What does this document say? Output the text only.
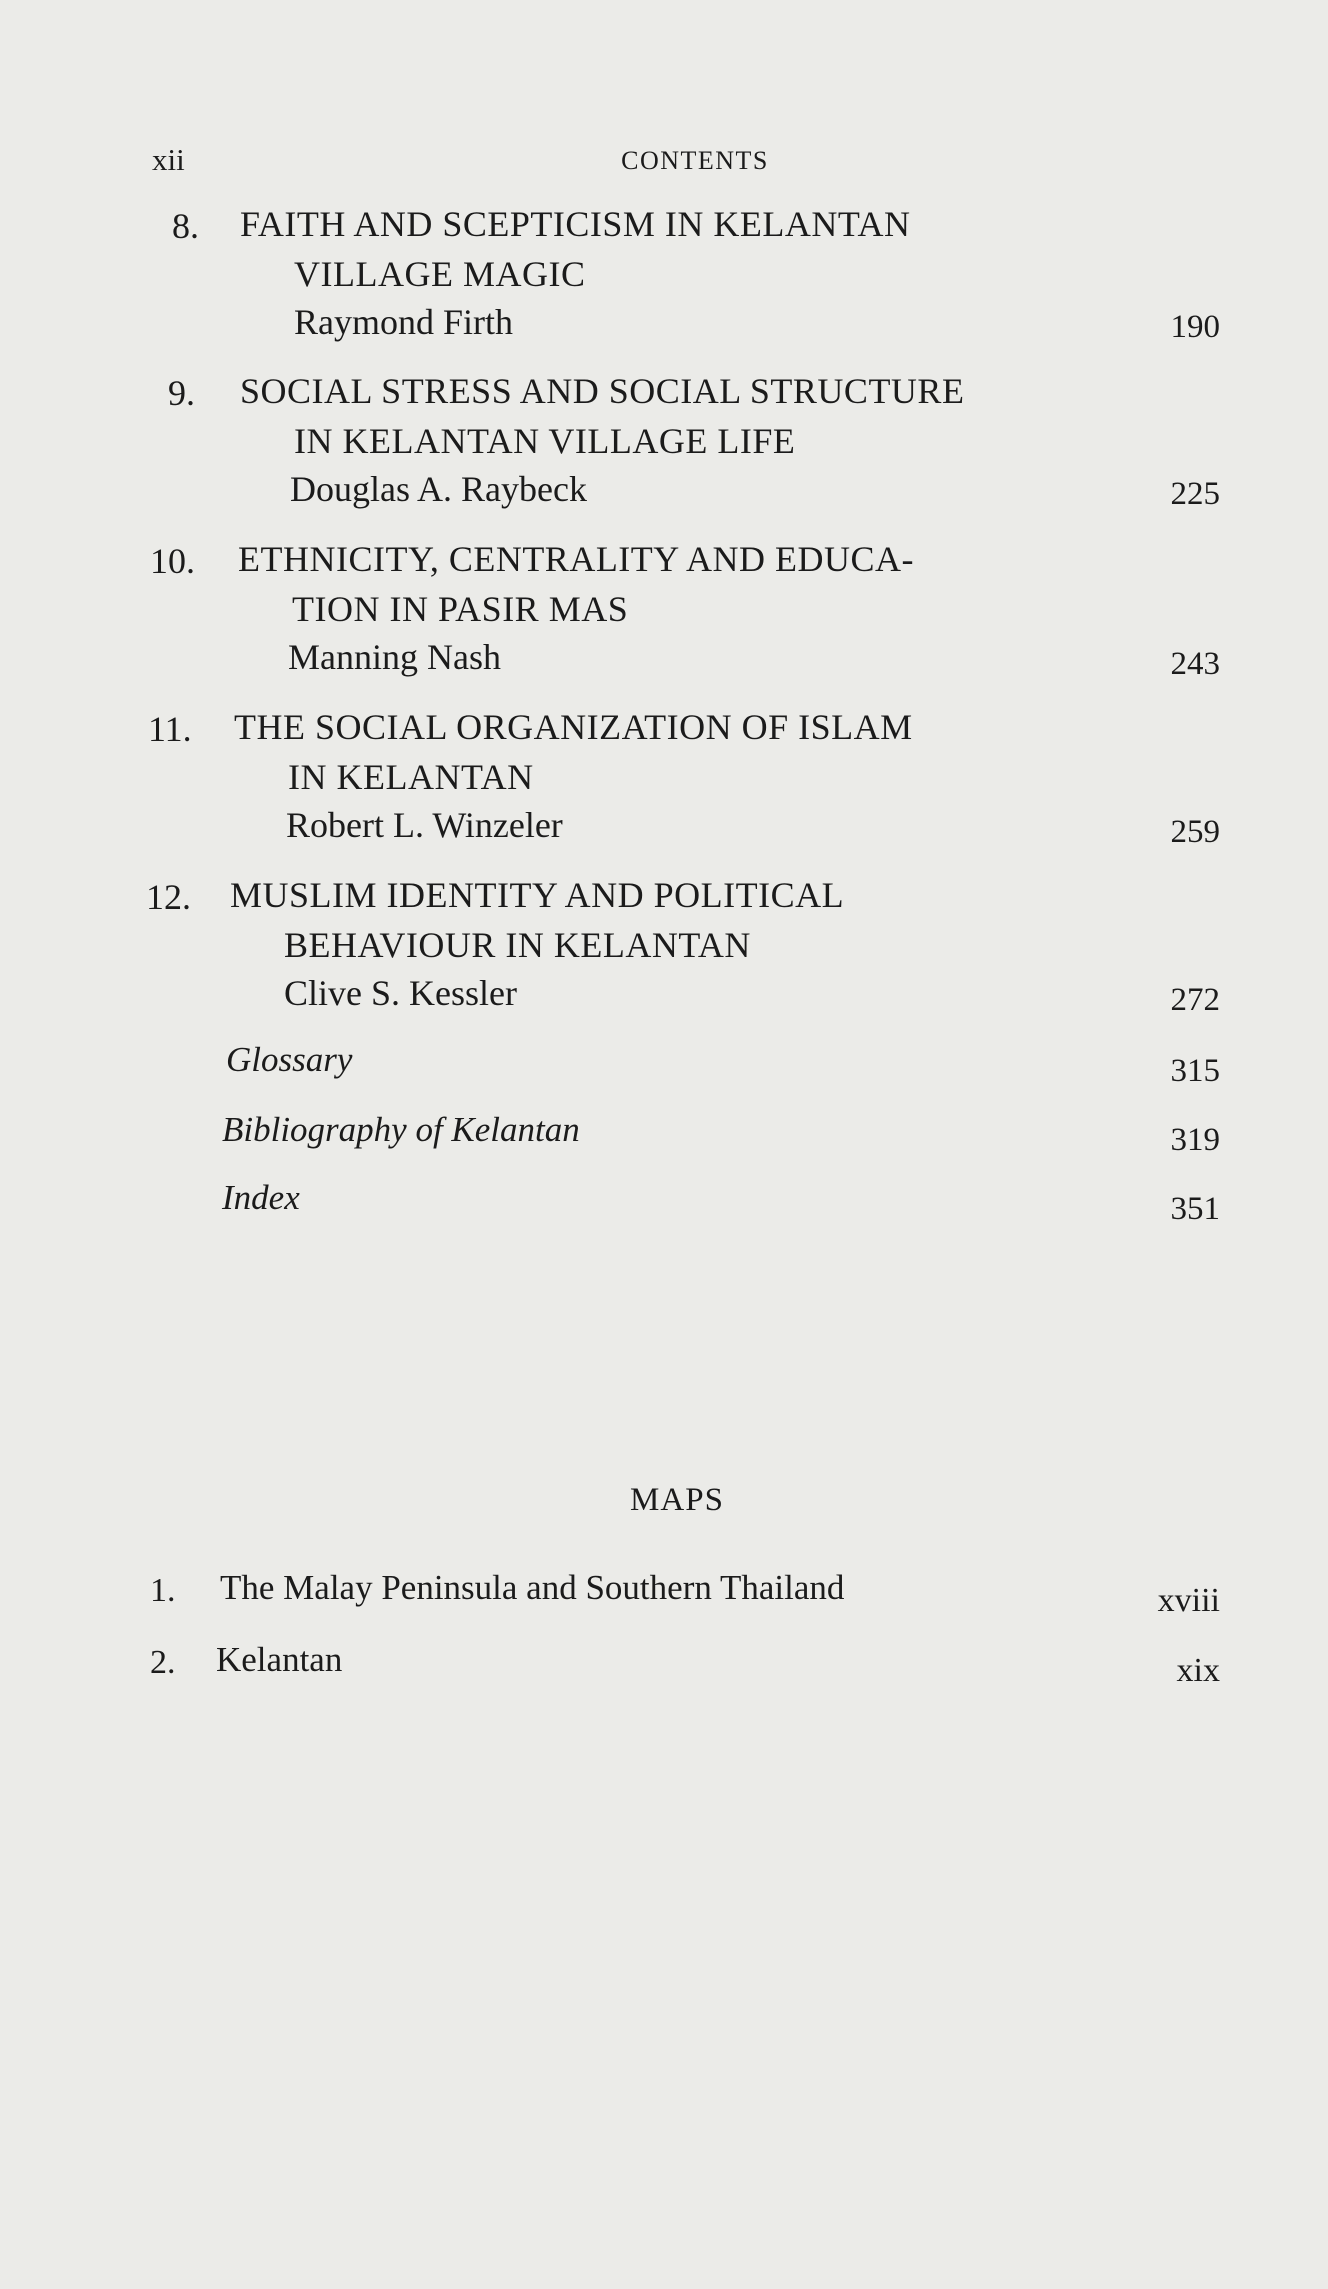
xii	CONTENTS
8. FAITH AND SCEPTICISM IN KELANTAN
VILLAGE MAGIC
Raymond Firth	190
9. SOCIAL STRESS AND SOCIAL STRUCTURE
IN KELANTAN VILLAGE LIFE
Douglas A. Raybeck	225
10. ETHNICITY, CENTRALITY AND EDUCA-
TION IN PASIR MAS
Manning Nash	243
11. THE SOCIAL ORGANIZATION OF ISLAM
IN KELANTAN
Robert L. Winzeler	259
12. MUSLIM IDENTITY AND POLITICAL
BEHAVIOUR IN KELANTAN
Clive S. Kessler	272
Glossary	315
Bibliography of Kelantan	319
Index	351
MAPS
1. The Malay Peninsula and Southern Thailand	xviii
2. Kelantan	xix
